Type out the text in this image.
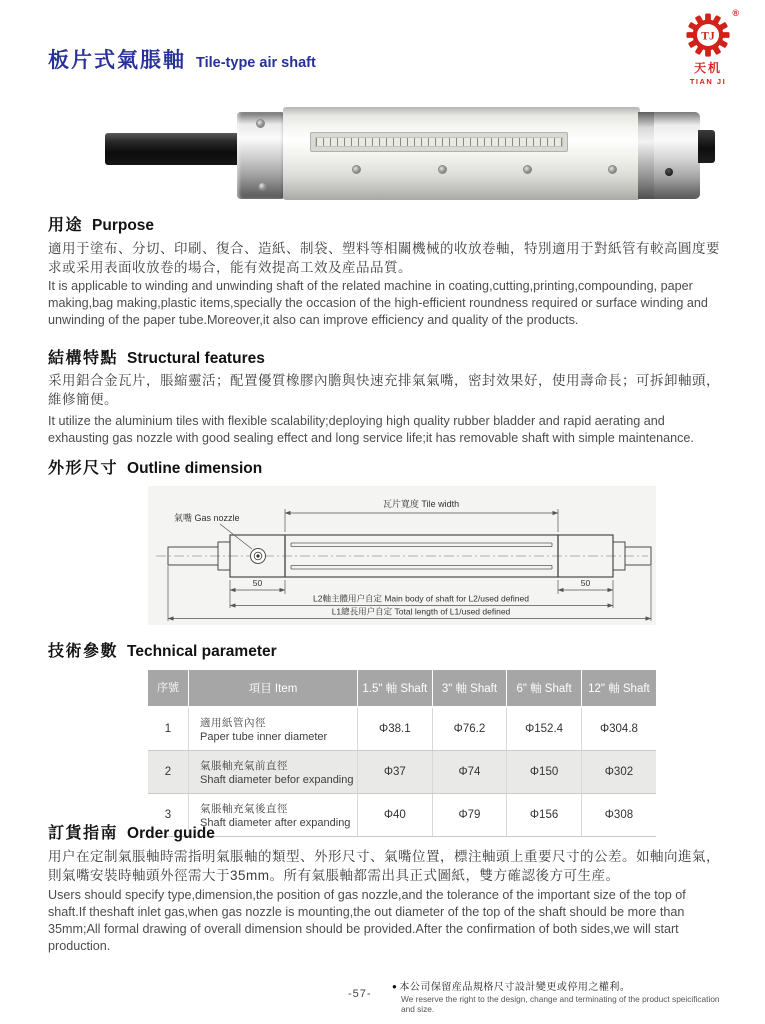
板片式氣脹軸 Tile-type air shaft
TJ
®
天机
TIAN JI
用途 Purpose
適用于塗布、分切、印刷、復合、造紙、制袋、塑料等相關機械的收放卷軸，特別適用于對紙管有較高圓度要求或采用表面收放卷的場合，能有效提高工效及産品品質。
It is applicable to winding and unwinding shaft of the related machine in coating,cutting,printing,compounding, paper making,bag making,plastic items,specially the occasion of the high-efficient roundness required or surface winding and unwinding of the paper tube.Moreover,it also can improve efficiency and quality of the products.
結構特點 Structural features
采用鋁合金瓦片，脹縮靈活；配置優質橡膠內膽與快速充排氣氣嘴，密封效果好，使用壽命長；可拆卸軸頭，維修簡便。
It utilize the aluminium tiles with flexible scalability;deploying high quality rubber bladder and rapid aerating and exhausting gas nozzle with good sealing effect and long service life;it has removable shaft with simple maintenance.
外形尺寸 Outline dimension
氣嘴 Gas nozzle
瓦片寬度 Tile width
50	50
L2軸主體用户自定 Main body of shaft for L2/used defined
L1總長用户自定 Total length of L1/used defined
技術參數 Technical parameter
序號	項目 Item	1.5" 軸 Shaft	3" 軸 Shaft	6" 軸 Shaft	12" 軸 Shaft
1	適用紙管內徑
Paper tube inner diameter	Φ38.1	Φ76.2	Φ152.4	Φ304.8
2	氣脹軸充氣前直徑
Shaft diameter befor expanding	Φ37	Φ74	Φ150	Φ302
3	氣脹軸充氣後直徑
Shaft diameter after expanding	Φ40	Φ79	Φ156	Φ308
訂貨指南 Order guide
用户在定制氣脹軸時需指明氣脹軸的類型、外形尺寸、氣嘴位置，標注軸頭上重要尺寸的公差。如軸向進氣，則氣嘴安裝時軸頭外徑需大于35mm。所有氣脹軸都需出具正式圖紙，雙方確認後方可生産。
Users should specify type,dimension,the position of gas nozzle,and the tolerance of the important size of the top of shaft.If theshaft inlet gas,when gas nozzle is mounting,the out diameter of the top of the shaft should be more than 35mm;All formal drawing of overall dimension should be provided.After the confirmation of both sides,we will start production.
-57-
● 本公司保留産品規格尺寸設計變更或停用之權利。
We reserve the right to the design, change and terminating of the product speicification and size.
